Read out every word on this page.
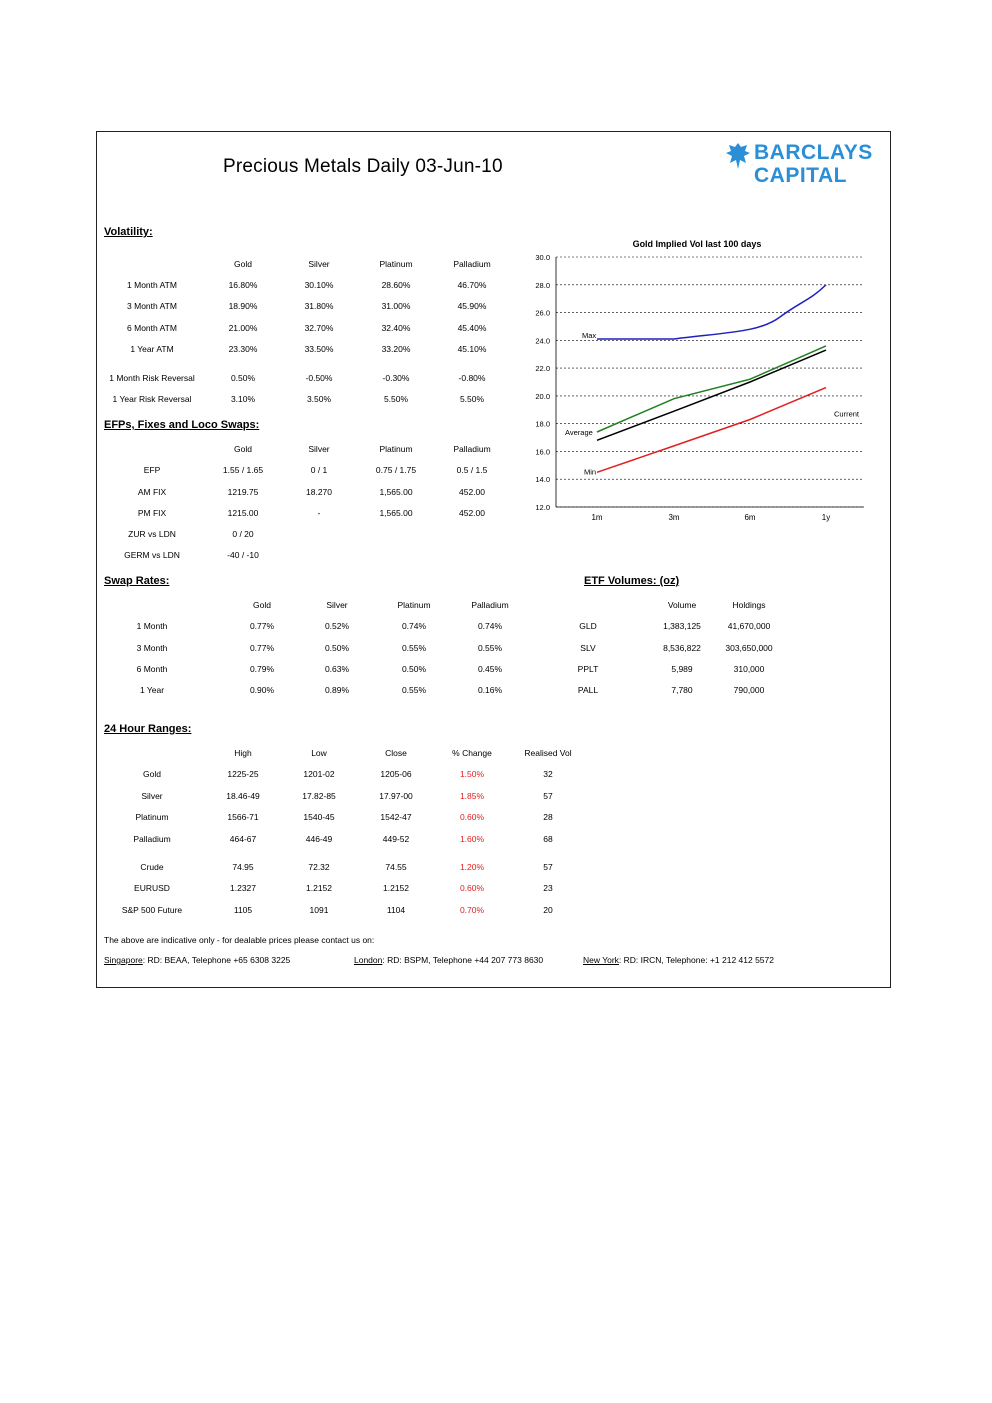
Precious Metals Daily 03-Jun-10
BARCLAYS
CAPITAL
Volatility:
EFPs, Fixes and Loco Swaps:
Swap Rates:	ETF Volumes: (oz)
24 Hour Ranges:
The above are indicative only - for dealable prices please contact us on:
Singapore: RD: BEAA, Telephone +65 6308 3225	London: RD: BSPM, Telephone +44 207 773 8630	New York: RD: IRCN, Telephone: +1 212 412 5572
Gold Implied Vol last 100 days
30.0
28.0
26.0
24.0
22.0
20.0
18.0
16.0
14.0
12.0
1m	3m	6m	1y
Max
Average
Current
Min
Gold	Silver	Platinum	Palladium
1 Month ATM	16.80%	30.10%	28.60%	46.70%
3 Month ATM	18.90%	31.80%	31.00%	45.90%
6 Month ATM	21.00%	32.70%	32.40%	45.40%
1 Year ATM	23.30%	33.50%	33.20%	45.10%
1 Month Risk Reversal	0.50%	-0.50%	-0.30%	-0.80%
1 Year Risk Reversal	3.10%	3.50%	5.50%	5.50%
Gold	Silver	Platinum	Palladium
EFP	1.55 / 1.65	0 / 1	0.75 / 1.75	0.5 / 1.5
AM FIX	1219.75	18.270	1,565.00	452.00
PM FIX	1215.00	-	1,565.00	452.00
ZUR vs LDN	0 / 20
GERM vs LDN	-40 / -10
Gold	Silver	Platinum	Palladium
1 Month	0.77%	0.52%	0.74%	0.74%
3 Month	0.77%	0.50%	0.55%	0.55%
6 Month	0.79%	0.63%	0.50%	0.45%
1 Year	0.90%	0.89%	0.55%	0.16%
Volume	Holdings
GLD	1,383,125	41,670,000
SLV	8,536,822	303,650,000
PPLT	5,989	310,000
PALL	7,780	790,000
High	Low	Close	% Change	Realised Vol
Gold	1225-25	1201-02	1205-06	1.50%	32
Silver	18.46-49	17.82-85	17.97-00	1.85%	57
Platinum	1566-71	1540-45	1542-47	0.60%	28
Palladium	464-67	446-49	449-52	1.60%	68
Crude	74.95	72.32	74.55	1.20%	57
EURUSD	1.2327	1.2152	1.2152	0.60%	23
S&P 500 Future	1105	1091	1104	0.70%	20
